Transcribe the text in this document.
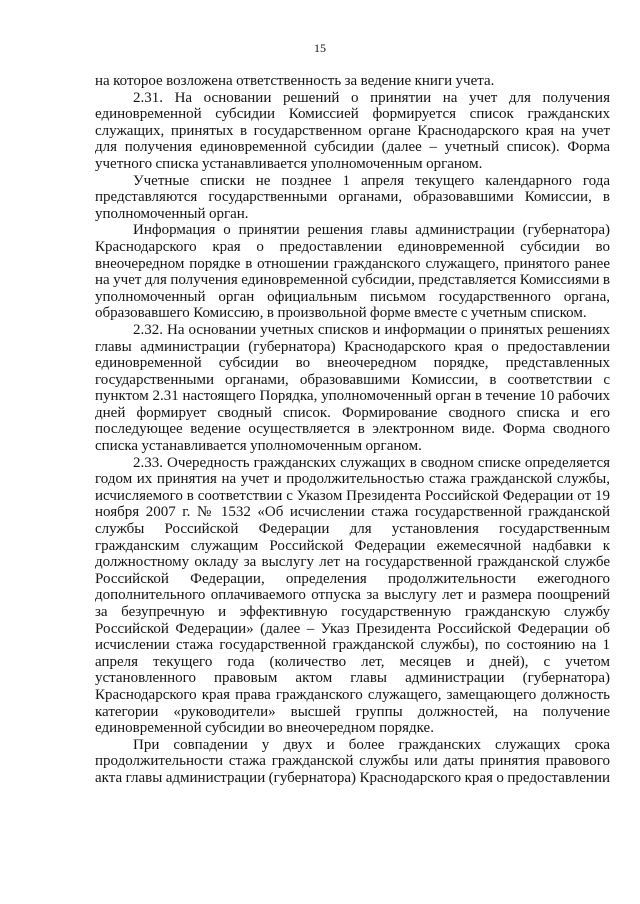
15

на которое возложена ответственность за ведение книги учета.

2.31. На основании решений о принятии на учет для получения единовременной субсидии Комиссией формируется список гражданских служащих, принятых в государственном органе Краснодарского края на учет для получения единовременной субсидии (далее – учетный список). Форма учетного списка устанавливается уполномоченным органом.

Учетные списки не позднее 1 апреля текущего календарного года представляются государственными органами, образовавшими Комиссии, в уполномоченный орган.

Информация о принятии решения главы администрации (губернатора) Краснодарского края о предоставлении единовременной субсидии во внеочередном порядке в отношении гражданского служащего, принятого ранее на учет для получения единовременной субсидии, представляется Комиссиями в уполномоченный орган официальным письмом государственного органа, образовавшего Комиссию, в произвольной форме вместе с учетным списком.

2.32. На основании учетных списков и информации о принятых решениях главы администрации (губернатора) Краснодарского края о предоставлении единовременной субсидии во внеочередном порядке, представленных государственными органами, образовавшими Комиссии, в соответствии с пунктом 2.31 настоящего Порядка, уполномоченный орган в течение 10 рабочих дней формирует сводный список. Формирование сводного списка и его последующее ведение осуществляется в электронном виде. Форма сводного списка устанавливается уполномоченным органом.

2.33. Очередность гражданских служащих в сводном списке определяется годом их принятия на учет и продолжительностью стажа гражданской службы, исчисляемого в соответствии с Указом Президента Российской Федерации от 19 ноября 2007 г. № 1532 «Об исчислении стажа государственной гражданской службы Российской Федерации для установления государственным гражданским служащим Российской Федерации ежемесячной надбавки к должностному окладу за выслугу лет на государственной гражданской службе Российской Федерации, определения продолжительности ежегодного дополнительного оплачиваемого отпуска за выслугу лет и размера поощрений за безупречную и эффективную государственную гражданскую службу Российской Федерации» (далее – Указ Президента Российской Федерации об исчислении стажа государственной гражданской службы), по состоянию на 1 апреля текущего года (количество лет, месяцев и дней), с учетом установленного правовым актом главы администрации (губернатора) Краснодарского края права гражданского служащего, замещающего должность категории «руководители» высшей группы должностей, на получение единовременной субсидии во внеочередном порядке.

При совпадении у двух и более гражданских служащих срока продолжительности стажа гражданской службы или даты принятия правового акта главы администрации (губернатора) Краснодарского края о предоставлении
